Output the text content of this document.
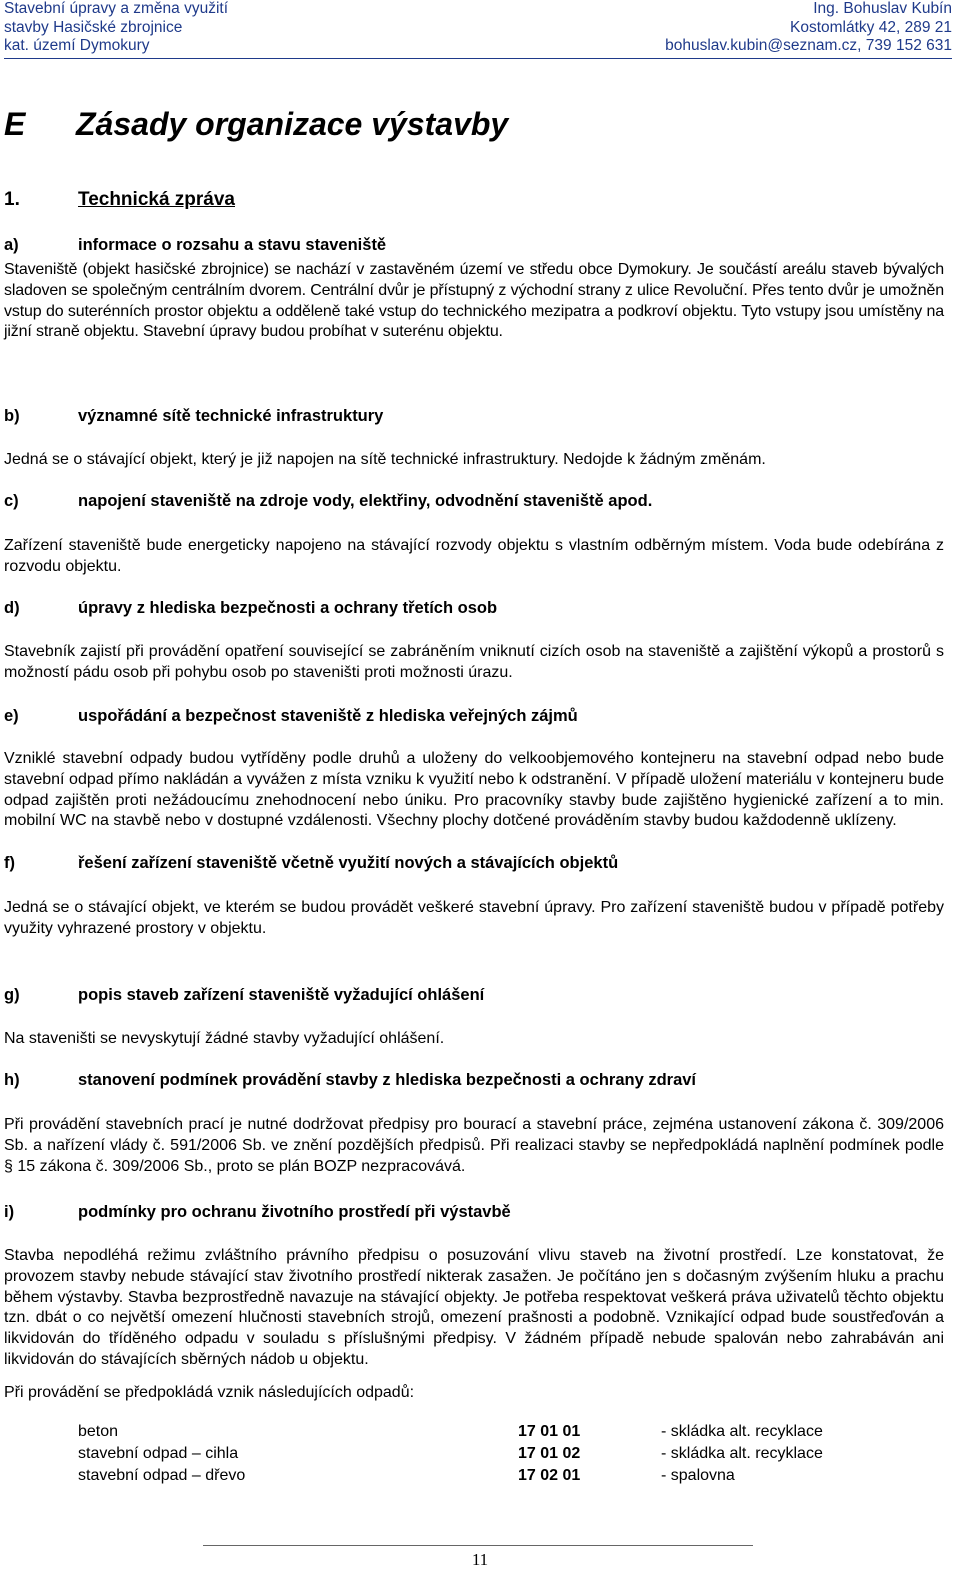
Stavební úpravy a změna využití
stavby Hasičské zbrojnice
kat. území Dymokury
Ing. Bohuslav Kubín
Kostomlátky 42, 289 21
bohuslav.kubin@seznam.cz, 739 152 631
E Zásady organizace výstavby
1.	Technická zpráva
a)	informace o rozsahu a stavu staveniště
Staveniště (objekt hasičské zbrojnice) se nachází v zastavěném území ve středu obce Dymokury. Je součástí areálu staveb bývalých sladoven se společným centrálním dvorem. Centrální dvůr je přístupný z východní strany z ulice Revoluční. Přes tento dvůr je umožněn vstup do suterénních prostor objektu a odděleně také vstup do technického mezipatra a podkroví objektu. Tyto vstupy jsou umístěny na jižní straně objektu. Stavební úpravy budou probíhat v suterénu objektu.
b)	významné sítě technické infrastruktury
Jedná se o stávající objekt, který je již napojen na sítě technické infrastruktury. Nedojde k žádným změnám.
c)	napojení staveniště na zdroje vody, elektřiny, odvodnění staveniště apod.
Zařízení staveniště bude energeticky napojeno na stávající rozvody objektu s vlastním odběrným místem. Voda bude odebírána z rozvodu objektu.
d)	úpravy z hlediska bezpečnosti a ochrany třetích osob
Stavebník zajistí při provádění opatření související se zabráněním vniknutí cizích osob na staveniště a zajištění výkopů a prostorů s možností pádu osob při pohybu osob po staveništi proti možnosti úrazu.
e)	uspořádání a bezpečnost staveniště z hlediska veřejných zájmů
Vzniklé stavební odpady budou vytříděny podle druhů a uloženy do velkoobjemového kontejneru na stavební odpad nebo bude stavební odpad přímo nakládán a vyvážen z místa vzniku k využití nebo k odstranění. V případě uložení materiálu v kontejneru bude odpad zajištěn proti nežádoucímu znehodnocení nebo úniku. Pro pracovníky stavby bude zajištěno hygienické zařízení a to min. mobilní WC na stavbě nebo v dostupné vzdálenosti. Všechny plochy dotčené prováděním stavby budou každodenně uklízeny.
f)	řešení zařízení staveniště včetně využití nových a stávajících objektů
Jedná se o stávající objekt, ve kterém se budou provádět veškeré stavební úpravy. Pro zařízení staveniště budou v případě potřeby využity vyhrazené prostory v objektu.
g)	popis staveb zařízení staveniště vyžadující ohlášení
Na staveništi se nevyskytují žádné stavby vyžadující ohlášení.
h)	stanovení podmínek provádění stavby z hlediska bezpečnosti a ochrany zdraví
Při provádění stavebních prací je nutné dodržovat předpisy pro bourací a stavební práce, zejména ustanovení zákona č. 309/2006 Sb. a nařízení vlády č. 591/2006 Sb. ve znění pozdějších předpisů. Při realizaci stavby se nepředpokládá naplnění podmínek podle § 15 zákona č. 309/2006 Sb., proto se plán BOZP nezpracovává.
i)	podmínky pro ochranu životního prostředí při výstavbě
Stavba nepodléhá režimu zvláštního právního předpisu o posuzování vlivu staveb na životní prostředí. Lze konstatovat, že provozem stavby nebude stávající stav životního prostředí nikterak zasažen. Je počítáno jen s dočasným zvýšením hluku a prachu během výstavby. Stavba bezprostředně navazuje na stávající objekty. Je potřeba respektovat veškerá práva uživatelů těchto objektu tzn. dbát o co největší omezení hlučnosti stavebních strojů, omezení prašnosti a podobně. Vznikající odpad bude soustřeďován a likvidován do tříděného odpadu v souladu s příslušnými předpisy. V žádném případě nebude spalován nebo zahrabáván ani likvidován do stávajících sběrných nádob u objektu.
Při provádění se předpokládá vznik následujících odpadů:
beton	17 01 01	- skládka alt. recyklace
stavební odpad – cihla	17 01 02	- skládka alt. recyklace
stavební odpad – dřevo	17 02 01	- spalovna
11
